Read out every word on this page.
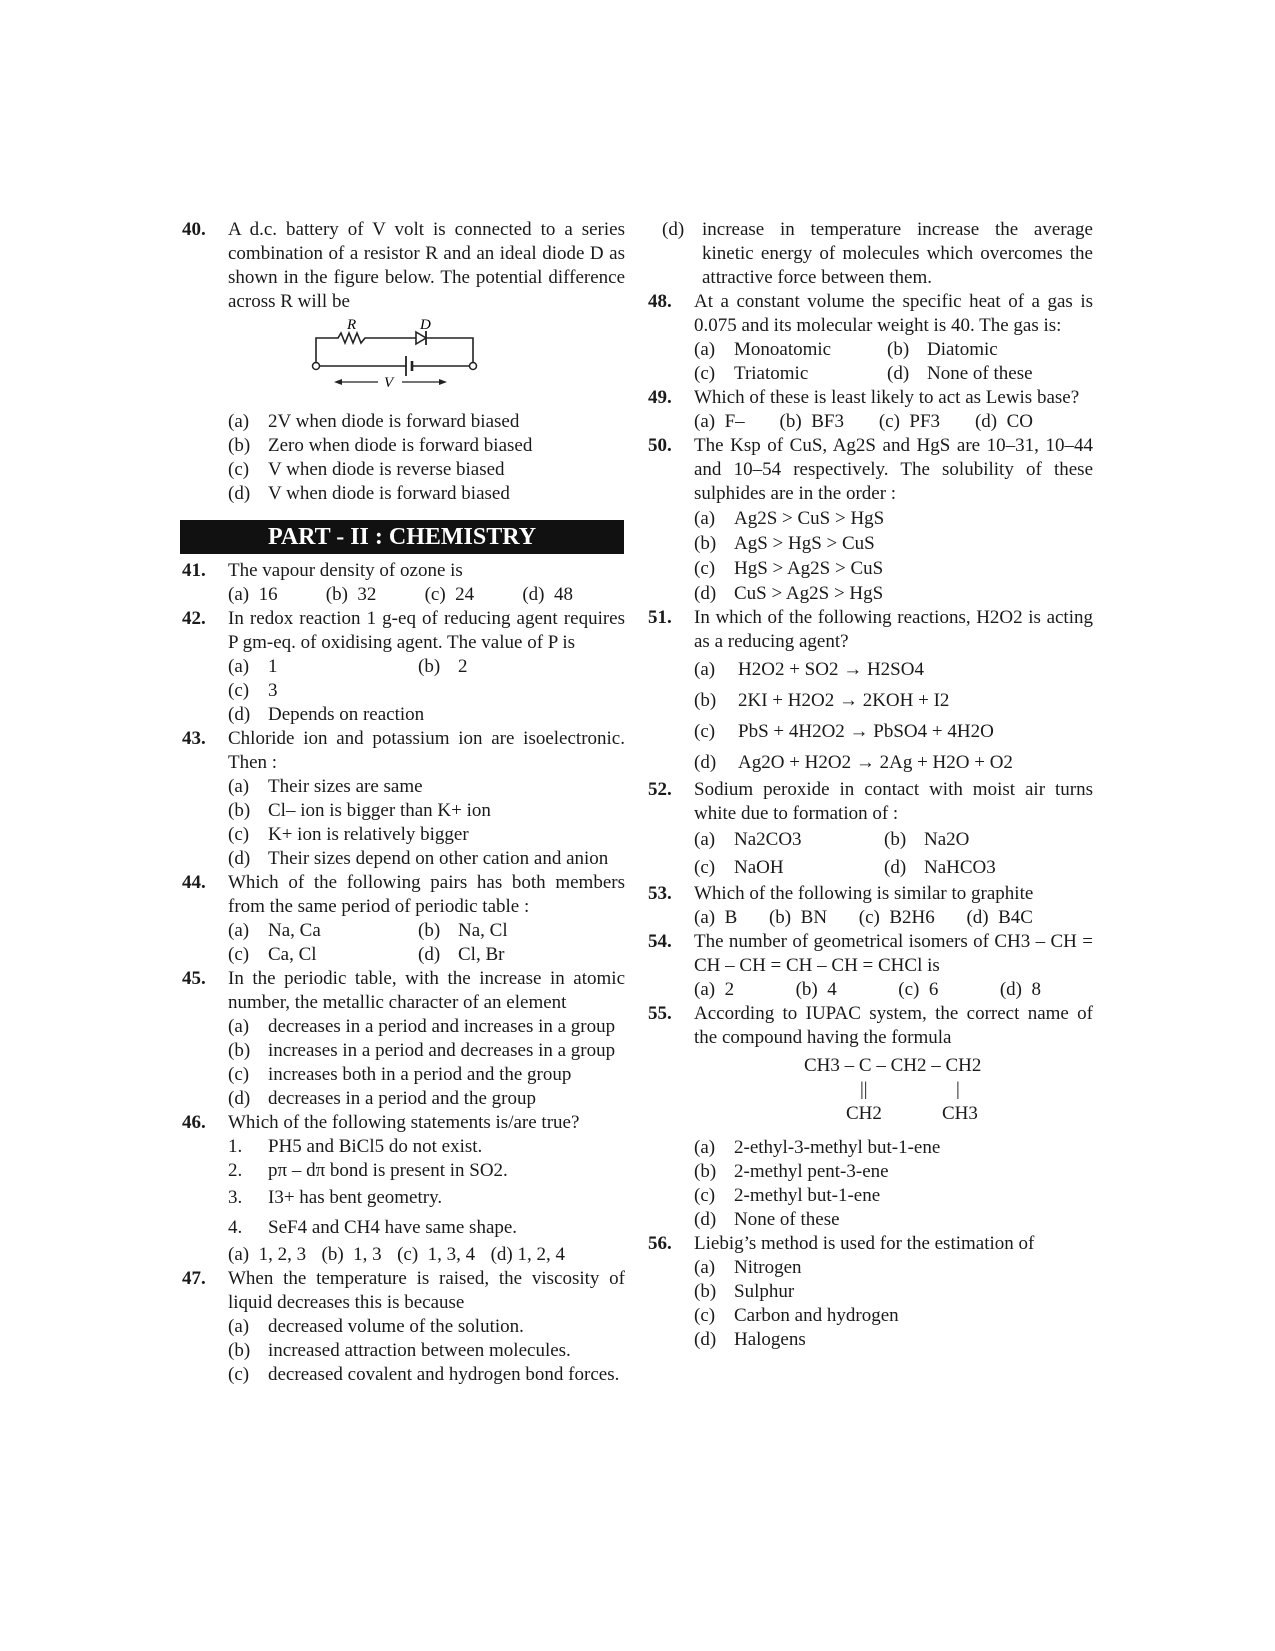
40. A d.c. battery of V volt is connected to a series combination of a resistor R and an ideal diode D as shown in the figure below. The potential difference across R will be
R	D
V
(a) 2V when diode is forward biased
(b) Zero when diode is forward biased
(c) V when diode is reverse biased
(d) V when diode is forward biased
PART - II : CHEMISTRY
41. The vapour density of ozone is
(a) 16	(b) 32	(c) 24	(d) 48
42. In redox reaction 1 g-eq of reducing agent requires P gm-eq. of oxidising agent. The value of P is
(a) 1	(b) 2
(c) 3
(d) Depends on reaction
43. Chloride ion and potassium ion are isoelectronic. Then :
(a) Their sizes are same
(b) Cl– ion is bigger than K+ ion
(c) K+ ion is relatively bigger
(d) Their sizes depend on other cation and anion
44. Which of the following pairs has both members from the same period of periodic table :
(a) Na, Ca	(b) Na, Cl
(c) Ca, Cl	(d) Cl, Br
45. In the periodic table, with the increase in atomic number, the metallic character of an element
(a) decreases in a period and increases in a group
(b) increases in a period and decreases in a group
(c) increases both in a period and the group
(d) decreases in a period and the group
46. Which of the following statements is/are true?
1.	PH5 and BiCl5 do not exist.
2.	pπ – dπ bond is present in SO2.
3.	I3+ has bent geometry.
4.	SeF4 and CH4 have same shape.
(a) 1, 2, 3 (b) 1, 3 (c) 1, 3, 4 (d) 1, 2, 4
47. When the temperature is raised, the viscosity of liquid decreases this is because
(a) decreased volume of the solution.
(b) increased attraction between molecules.
(c) decreased covalent and hydrogen bond forces.
(d) increase in temperature increase the average kinetic energy of molecules which overcomes the attractive force between them.
48. At a constant volume the specific heat of a gas is 0.075 and its molecular weight is 40. The gas is:
(a) Monoatomic	(b) Diatomic
(c) Triatomic	(d) None of these
49. Which of these is least likely to act as Lewis base?
(a) F– (b) BF3 (c) PF3 (d) CO
50. The Ksp of CuS, Ag2S and HgS are 10–31, 10–44 and 10–54 respectively. The solubility of these sulphides are in the order :
(a) Ag2S > CuS > HgS
(b) AgS > HgS > CuS
(c) HgS > Ag2S > CuS
(d) CuS > Ag2S > HgS
51. In which of the following reactions, H2O2 is acting as a reducing agent?
(a)	H2O2 + SO2 → H2SO4
(b)	2KI + H2O2 → 2KOH + I2
(c)	PbS + 4H2O2 → PbSO4 + 4H2O
(d)	Ag2O + H2O2 → 2Ag + H2O + O2
52. Sodium peroxide in contact with moist air turns white due to formation of :
(a) Na2CO3	(b) Na2O
(c) NaOH	(d) NaHCO3
53. Which of the following is similar to graphite
(a) B (b) BN (c) B2H6 (d) B4C
54. The number of geometrical isomers of CH3 – CH = CH – CH = CH – CH = CHCl is
(a) 2	(b) 4	(c) 6	(d) 8
55. According to IUPAC system, the correct name of the compound having the formula
CH3 – C – CH2 – CH2
||	|
CH2	CH3
(a) 2-ethyl-3-methyl but-1-ene
(b) 2-methyl pent-3-ene
(c) 2-methyl but-1-ene
(d) None of these
56. Liebig’s method is used for the estimation of
(a) Nitrogen
(b) Sulphur
(c) Carbon and hydrogen
(d) Halogens
